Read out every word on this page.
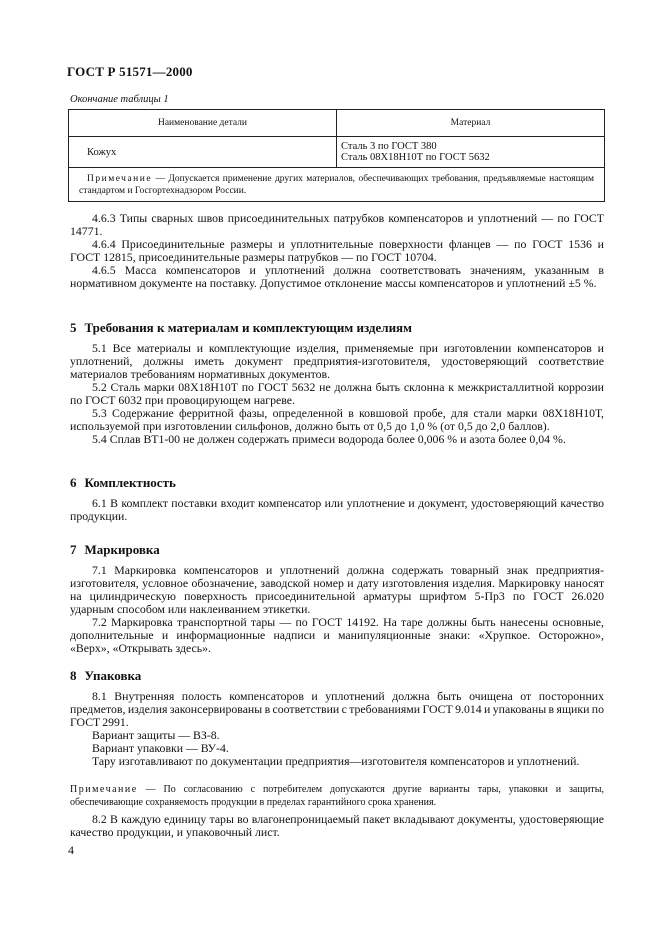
ГОСТ Р 51571—2000
Окончание таблицы 1
Наименование детали	Материал
Кожух	Сталь 3 по ГОСТ 380
Сталь 08Х18Н10Т по ГОСТ 5632

Примечание — Допускается применение других материалов, обеспечивающих требования, предъявляемые настоящим стандартом и Госгортехнадзором России.	

4.6.3 Типы сварных швов присоединительных патрубков компенсаторов и уплотнений — по ГОСТ 14771.

4.6.4 Присоединительные размеры и уплотнительные поверхности фланцев — по ГОСТ 1536 и ГОСТ 12815, присоединительные размеры патрубков — по ГОСТ 10704.

4.6.5 Масса компенсаторов и уплотнений должна соответствовать значениям, указанным в нормативном документе на поставку. Допустимое отклонение массы компенсаторов и уплотнений ±5 %.

5 Требования к материалам и комплектующим изделиям

5.1 Все материалы и комплектующие изделия, применяемые при изготовлении компенсаторов и уплотнений, должны иметь документ предприятия-изготовителя, удостоверяющий соответствие материалов требованиям нормативных документов.

5.2 Сталь марки 08Х18Н10Т по ГОСТ 5632 не должна быть склонна к межкристаллитной коррозии по ГОСТ 6032 при провоцирующем нагреве.

5.3 Содержание ферритной фазы, определенной в ковшовой пробе, для стали марки 08Х18Н10Т, используемой при изготовлении сильфонов, должно быть от 0,5 до 1,0 % (от 0,5 до 2,0 баллов).

5.4 Сплав ВТ1-00 не должен содержать примеси водорода более 0,006 % и азота более 0,04 %.

6 Комплектность

6.1 В комплект поставки входит компенсатор или уплотнение и документ, удостоверяющий качество продукции.

7 Маркировка

7.1 Маркировка компенсаторов и уплотнений должна содержать товарный знак предприятия-изготовителя, условное обозначение, заводской номер и дату изготовления изделия. Маркировку наносят на цилиндрическую поверхность присоединительной арматуры шрифтом 5-Пр3 по ГОСТ 26.020 ударным способом или наклеиванием этикетки.

7.2 Маркировка транспортной тары — по ГОСТ 14192. На таре должны быть нанесены основные, дополнительные и информационные надписи и манипуляционные знаки: «Хрупкое. Осторожно», «Верх», «Открывать здесь».

8 Упаковка

8.1 Внутренняя полость компенсаторов и уплотнений должна быть очищена от посторонних предметов, изделия законсервированы в соответствии с требованиями ГОСТ 9.014 и упакованы в ящики по ГОСТ 2991.

Вариант защиты — ВЗ-8.

Вариант упаковки — ВУ-4.

Тару изготавливают по документации предприятия—изготовителя компенсаторов и уплотнений.

Примечание — По согласованию с потребителем допускаются другие варианты тары, упаковки и защиты, обеспечивающие сохраняемость продукции в пределах гарантийного срока хранения.

8.2 В каждую единицу тары во влагонепроницаемый пакет вкладывают документы, удостоверяющие качество продукции, и упаковочный лист.

4
